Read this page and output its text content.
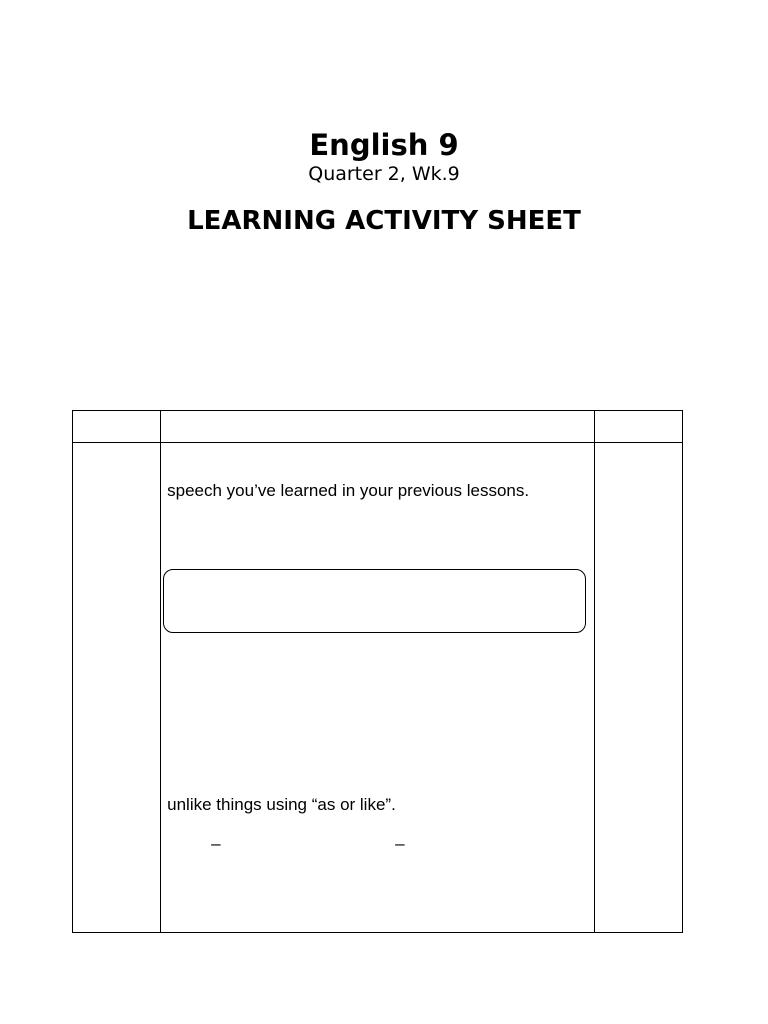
English 9
Quarter 2, Wk.9
LEARNING ACTIVITY SHEET

	speech you’ve learned in your previous lessons.
unlike things using “as or like”.
– –	
